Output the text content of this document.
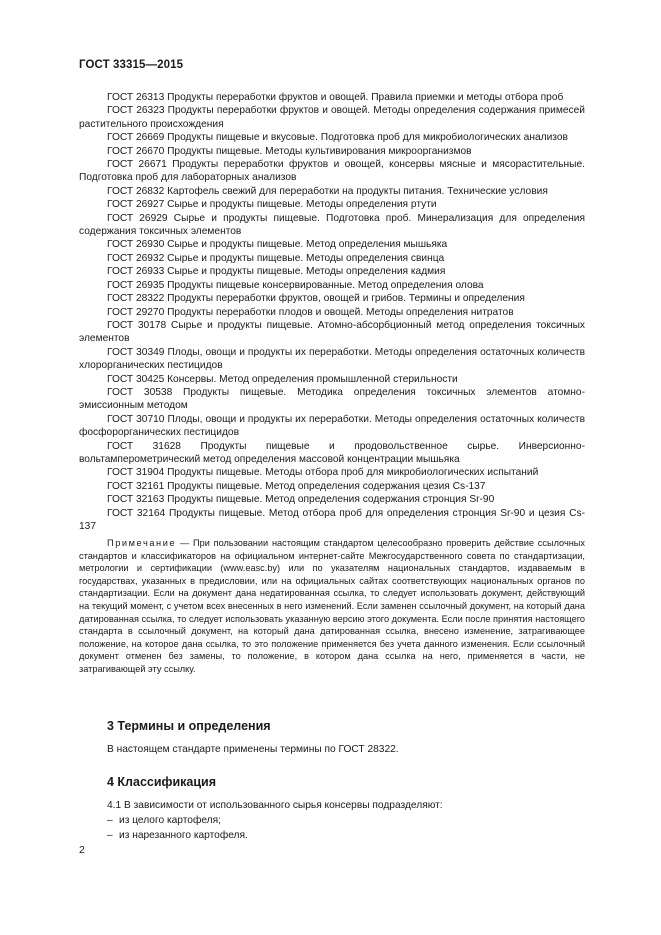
ГОСТ 33315—2015

ГОСТ 26313 Продукты переработки фруктов и овощей. Правила приемки и методы отбора проб

ГОСТ 26323 Продукты переработки фруктов и овощей. Методы определения содержания примесей растительного происхождения

ГОСТ 26669 Продукты пищевые и вкусовые. Подготовка проб для микробиологических анализов

ГОСТ 26670 Продукты пищевые. Методы культивирования микроорганизмов

ГОСТ 26671 Продукты переработки фруктов и овощей, консервы мясные и мясорастительные. Подготовка проб для лабораторных анализов

ГОСТ 26832 Картофель свежий для переработки на продукты питания. Технические условия

ГОСТ 26927 Сырье и продукты пищевые. Методы определения ртути

ГОСТ 26929 Сырье и продукты пищевые. Подготовка проб. Минерализация для определения содержания токсичных элементов

ГОСТ 26930 Сырье и продукты пищевые. Метод определения мышьяка

ГОСТ 26932 Сырье и продукты пищевые. Методы определения свинца

ГОСТ 26933 Сырье и продукты пищевые. Методы определения кадмия

ГОСТ 26935 Продукты пищевые консервированные. Метод определения олова

ГОСТ 28322 Продукты переработки фруктов, овощей и грибов. Термины и определения

ГОСТ 29270 Продукты переработки плодов и овощей. Методы определения нитратов

ГОСТ 30178 Сырье и продукты пищевые. Атомно-абсорбционный метод определения токсичных элементов

ГОСТ 30349 Плоды, овощи и продукты их переработки. Методы определения остаточных количеств хлорорганических пестицидов

ГОСТ 30425 Консервы. Метод определения промышленной стерильности

ГОСТ 30538 Продукты пищевые. Методика определения токсичных элементов атомно-эмиссионным методом

ГОСТ 30710 Плоды, овощи и продукты их переработки. Методы определения остаточных количеств фосфорорганических пестицидов

ГОСТ 31628 Продукты пищевые и продовольственное сырье. Инверсионно-вольтамперометрический метод определения массовой концентрации мышьяка

ГОСТ 31904 Продукты пищевые. Методы отбора проб для микробиологических испытаний

ГОСТ 32161 Продукты пищевые. Метод определения содержания цезия Cs-137

ГОСТ 32163 Продукты пищевые. Метод определения содержания стронция Sr-90

ГОСТ 32164 Продукты пищевые. Метод отбора проб для определения стронция Sr-90 и цезия Cs-137

Примечание — При пользовании настоящим стандартом целесообразно проверить действие ссылочных стандартов и классификаторов на официальном интернет-сайте Межгосударственного совета по стандартизации, метрологии и сертификации (www.easc.by) или по указателям национальных стандартов, издаваемым в государствах, указанных в предисловии, или на официальных сайтах соответствующих национальных органов по стандартизации. Если на документ дана недатированная ссылка, то следует использовать документ, действующий на текущий момент, с учетом всех внесенных в него изменений. Если заменен ссылочный документ, на который дана датированная ссылка, то следует использовать указанную версию этого документа. Если после принятия настоящего стандарта в ссылочный документ, на который дана датированная ссылка, внесено изменение, затрагивающее положение, на которое дана ссылка, то это положение применяется без учета данного изменения. Если ссылочный документ отменен без замены, то положение, в котором дана ссылка на него, применяется в части, не затрагивающей эту ссылку.

3 Термины и определения
В настоящем стандарте применены термины по ГОСТ 28322.
4 Классификация
4.1 В зависимости от использованного сырья консервы подразделяют:
– из целого картофеля;
– из нарезанного картофеля.
2
